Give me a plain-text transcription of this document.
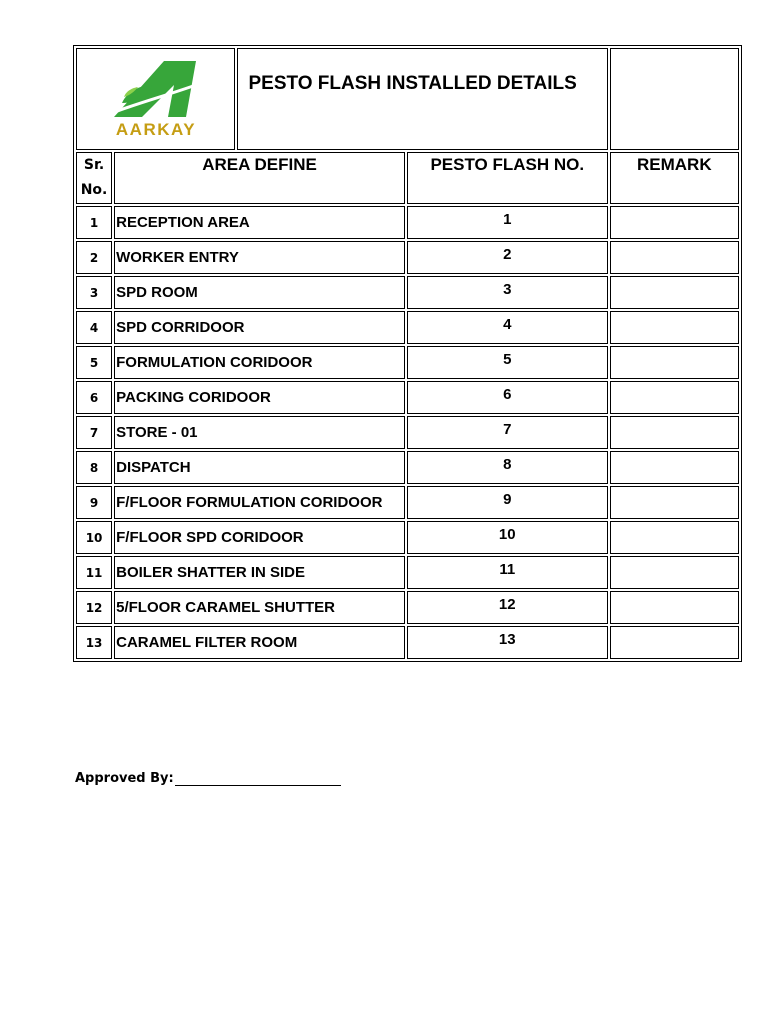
AARKAY		PESTO FLASH INSTALLED DETAILS		

Sr.
No.	AREA DEFINE		PESTO FLASH NO.	REMARK
1	RECEPTION AREA		1	
2	WORKER ENTRY		2	
3	SPD ROOM		3	
4	SPD CORRIDOOR		4	
5	FORMULATION CORIDOOR		5	
6	PACKING CORIDOOR		6	
7	STORE - 01		7	
8	DISPATCH		8	
9	F/FLOOR FORMULATION CORIDOOR		9	
10	F/FLOOR SPD CORIDOOR		10	
11	BOILER SHATTER IN SIDE		11	
12	5/FLOOR CARAMEL SHUTTER		12	
13	CARAMEL FILTER ROOM		13	
Approved By:
